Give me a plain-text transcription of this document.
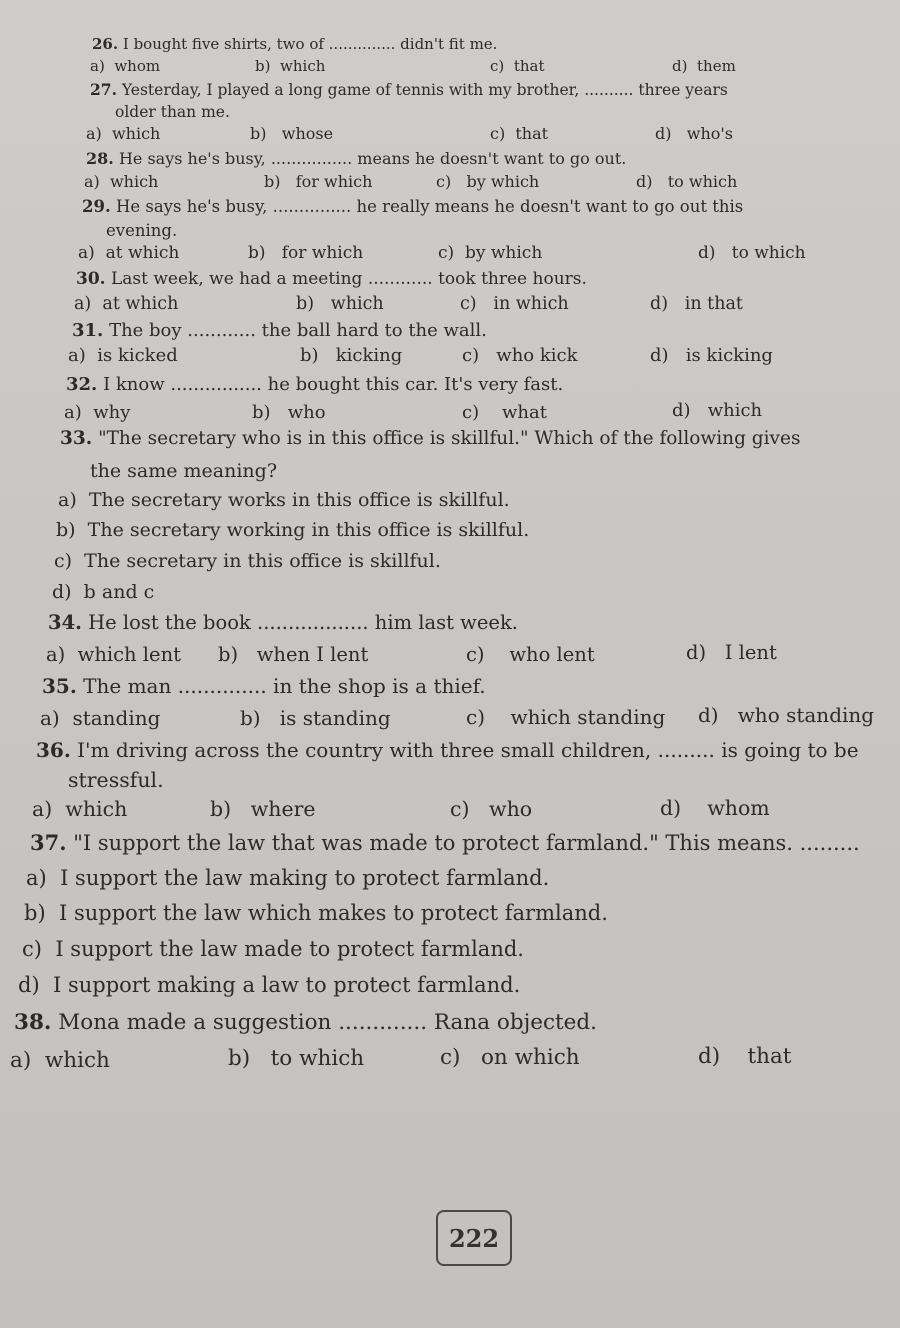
26. I bought five shirts, two of .............. didn't fit me.
a) whom	b) which	c) that	d) them
27. Yesterday, I played a long game of tennis with my brother, .......... three years
older than me.
a) which	b) whose	c) that	d) who's
28. He says he's busy, ................ means he doesn't want to go out.
a) which	b) for which	c) by which	d) to which
29. He says he's busy, ............... he really means he doesn't want to go out this
evening.
a) at which	b) for which	c) by which	d) to which
30. Last week, we had a meeting ............ took three hours.
a) at which	b) which	c) in which	d) in that
31. The boy ............ the ball hard to the wall.
a) is kicked	b) kicking	c) who kick	d) is kicking
32. I know ................ he bought this car. It's very fast.
a) why	b) who	c) what	d) which
33. "The secretary who is in this office is skillful." Which of the following gives
the same meaning?
a) The secretary works in this office is skillful.
b) The secretary working in this office is skillful.
c) The secretary in this office is skillful.
d) b and c
34. He lost the book .................. him last week.
a) which lent b) when I lent	c) who lent	d) I lent
35. The man .............. in the shop is a thief.
a) standing	b) is standing	c) which standing d) who standing
36. I'm driving across the country with three small children, ......... is going to be
stressful.
a) which	b) where	c) who	d) whom
37. "I support the law that was made to protect farmland." This means. .........
a) I support the law making to protect farmland.
b) I support the law which makes to protect farmland.
c) I support the law made to protect farmland.
d) I support making a law to protect farmland.
38. Mona made a suggestion ............. Rana objected.
a) which	b) to which	c) on which	d) that
222
